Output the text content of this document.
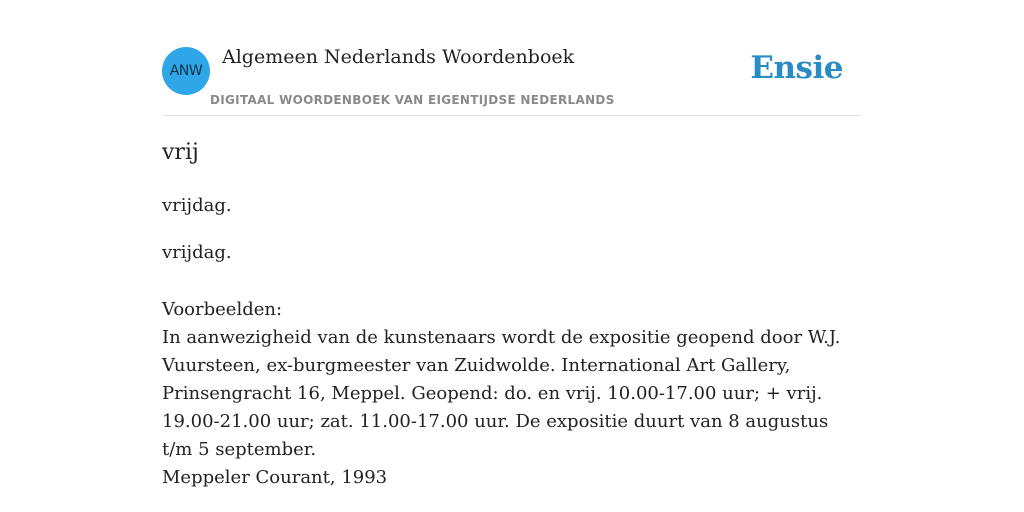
ANW
Algemeen Nederlands Woordenboek
DIGITAAL WOORDENBOEK VAN EIGENTIJDSE NEDERLANDS
Ensie
vrij

vrijdag.

vrijdag.

Voorbeelden:

In aanwezigheid van de kunstenaars wordt de expositie geopend door W.J. Vuursteen, ex-burgmeester van Zuidwolde. International Art Gallery, Prinsengracht 16, Meppel. Geopend: do. en vrij. 10.00-17.00 uur; + vrij. 19.00-21.00 uur; zat. 11.00-17.00 uur. De expositie duurt van 8 augustus t/m 5 september.

Meppeler Courant, 1993
